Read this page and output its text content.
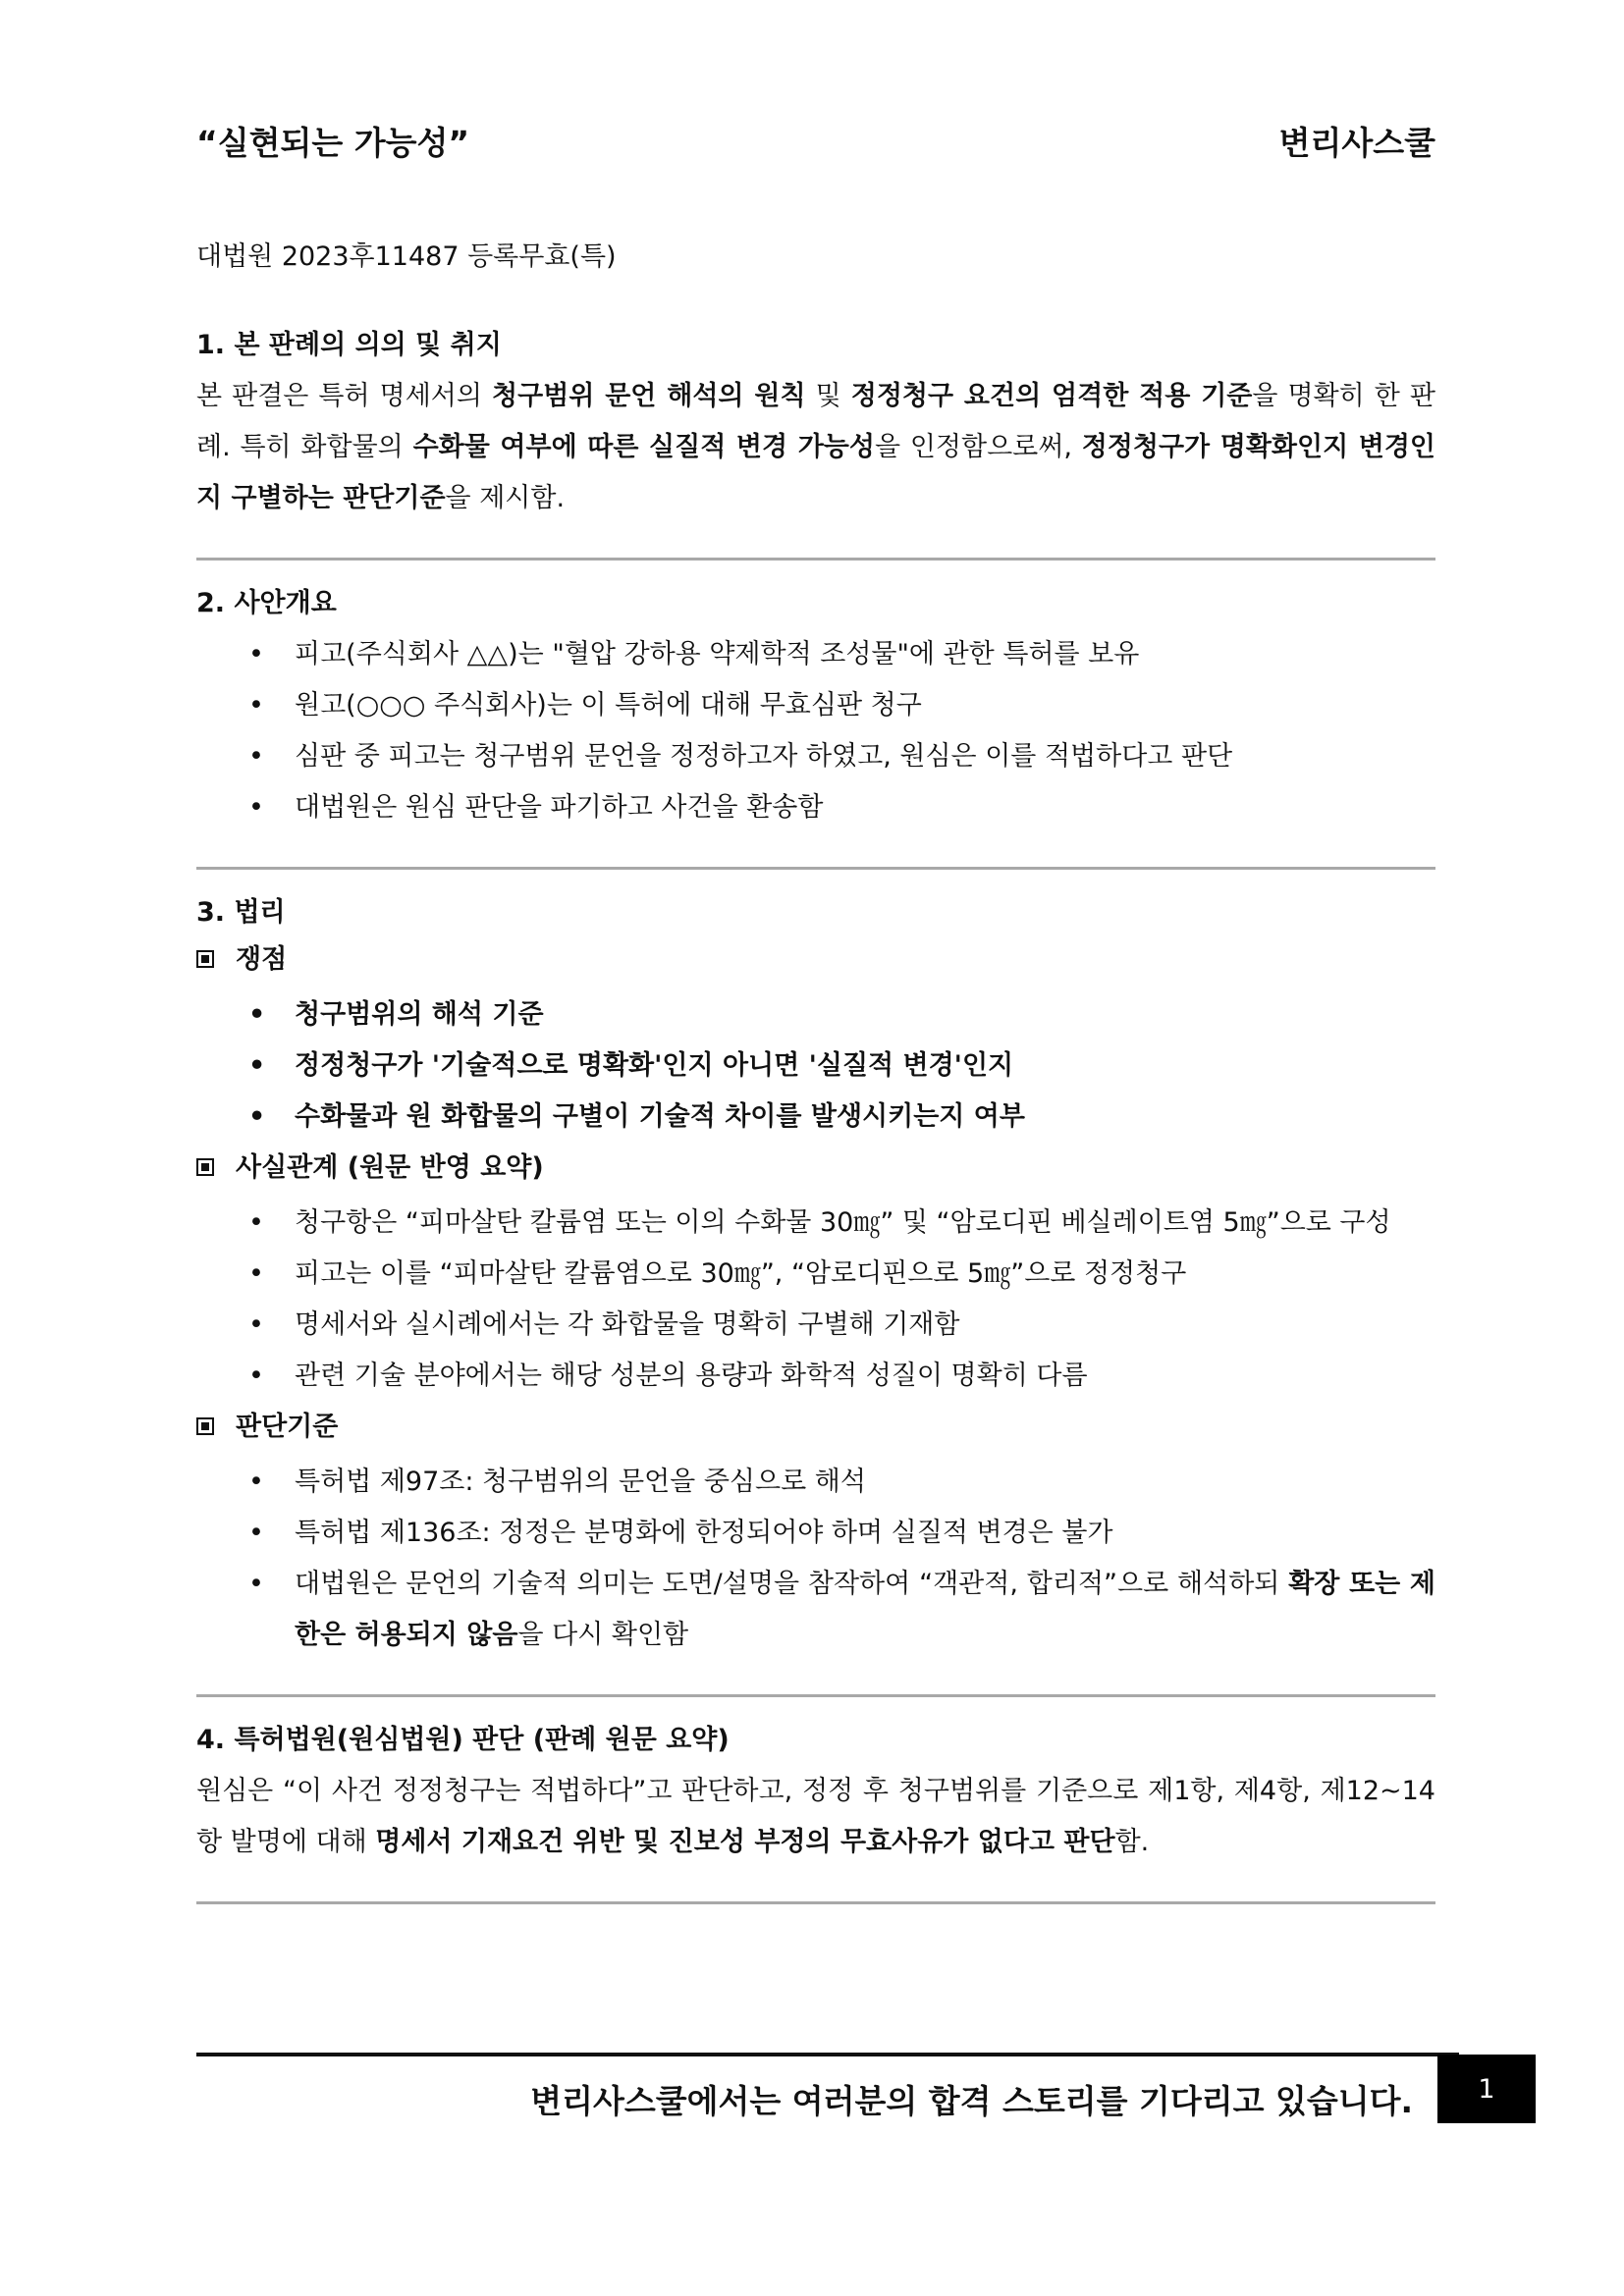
“실현되는 가능성”	변리사스쿨

대법원 2023후11487 등록무효(특)

1. 본 판례의 의의 및 취지

본 판결은 특허 명세서의 청구범위 문언 해석의 원칙 및 정정청구 요건의 엄격한 적용 기준을 명확히 한 판례. 특히 화합물의 수화물 여부에 따른 실질적 변경 가능성을 인정함으로써, 정정청구가 명확화인지 변경인지 구별하는 판단기준을 제시함.

2. 사안개요

• 피고(주식회사 △△)는 "혈압 강하용 약제학적 조성물"에 관한 특허를 보유
• 원고(○○○ 주식회사)는 이 특허에 대해 무효심판 청구
• 심판 중 피고는 청구범위 문언을 정정하고자 하였고, 원심은 이를 적법하다고 판단
• 대법원은 원심 판단을 파기하고 사건을 환송함

3. 법리

쟁점

• 청구범위의 해석 기준
• 정정청구가 '기술적으로 명확화'인지 아니면 '실질적 변경'인지
• 수화물과 원 화합물의 구별이 기술적 차이를 발생시키는지 여부

사실관계 (원문 반영 요약)

• 청구항은 “피마살탄 칼륨염 또는 이의 수화물 30㎎” 및 “암로디핀 베실레이트염 5㎎”으로 구성
• 피고는 이를 “피마살탄 칼륨염으로 30㎎”, “암로디핀으로 5㎎”으로 정정청구
• 명세서와 실시례에서는 각 화합물을 명확히 구별해 기재함
• 관련 기술 분야에서는 해당 성분의 용량과 화학적 성질이 명확히 다름

판단기준

• 특허법 제97조: 청구범위의 문언을 중심으로 해석
• 특허법 제136조: 정정은 분명화에 한정되어야 하며 실질적 변경은 불가
• 대법원은 문언의 기술적 의미는 도면/설명을 참작하여 “객관적, 합리적”으로 해석하되 확장 또는 제한은 허용되지 않음을 다시 확인함

4. 특허법원(원심법원) 판단 (판례 원문 요약)

원심은 “이 사건 정정청구는 적법하다”고 판단하고, 정정 후 청구범위를 기준으로 제1항, 제4항, 제12~14항 발명에 대해 명세서 기재요건 위반 및 진보성 부정의 무효사유가 없다고 판단함.

변리사스쿨에서는 여러분의 합격 스토리를 기다리고 있습니다.	1
